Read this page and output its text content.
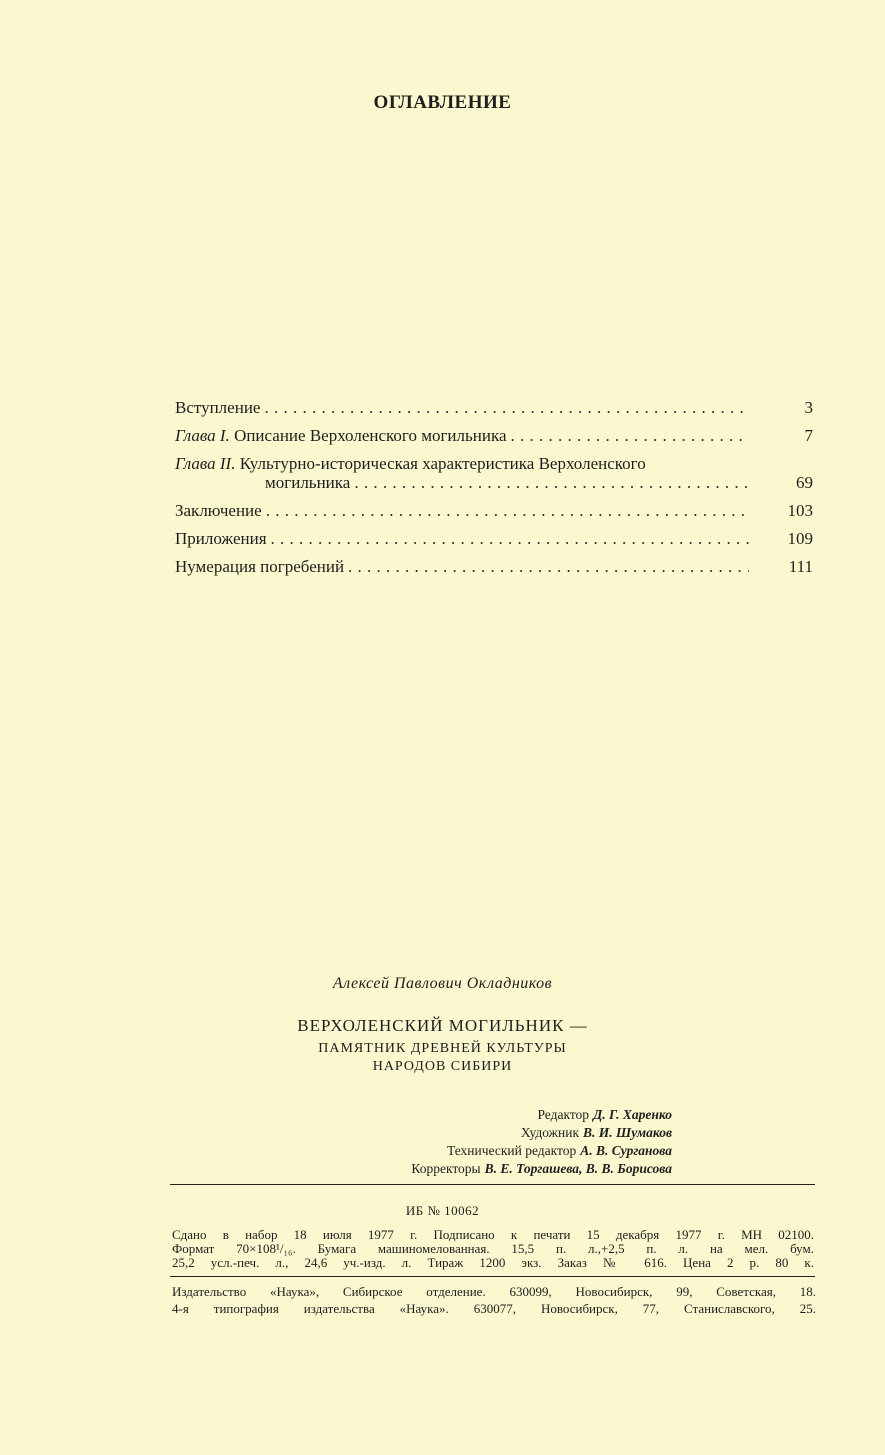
ОГЛАВЛЕНИЕ
Вступление . . .	3
Глава I. Описание Верхоленского могильника . . .	7
Глава II. Культурно-историческая характеристика Верхоленского
могильника . . .	69
Заключение . . .	103
Приложения . . .	109
Нумерация погребений . . .	111
Алексей Павлович Окладников
ВЕРХОЛЕНСКИЙ МОГИЛЬНИК —
ПАМЯТНИК ДРЕВНЕЙ КУЛЬТУРЫ
НАРОДОВ СИБИРИ
Редактор Д. Г. Харенко
Художник В. И. Шумаков
Технический редактор А. В. Сурганова
Корректоры В. Е. Торгашева, В. В. Борисова
ИБ № 10062
Сдано в набор 18 июля 1977 г. Подписано к печати 15 декабря 1977 г. МН 02100.
Формат 70×108¹/₁₆. Бумага машиномелованная. 15,5 п. л.,+2,5 п. л. на мел. бум.
25,2 усл.-печ. л., 24,6 уч.-изд. л. Тираж 1200 экз. Заказ № 616. Цена 2 р. 80 к.
Издательство «Наука», Сибирское отделение. 630099, Новосибирск, 99, Советская, 18.
4-я типография издательства «Наука». 630077, Новосибирск, 77, Станиславского, 25.
